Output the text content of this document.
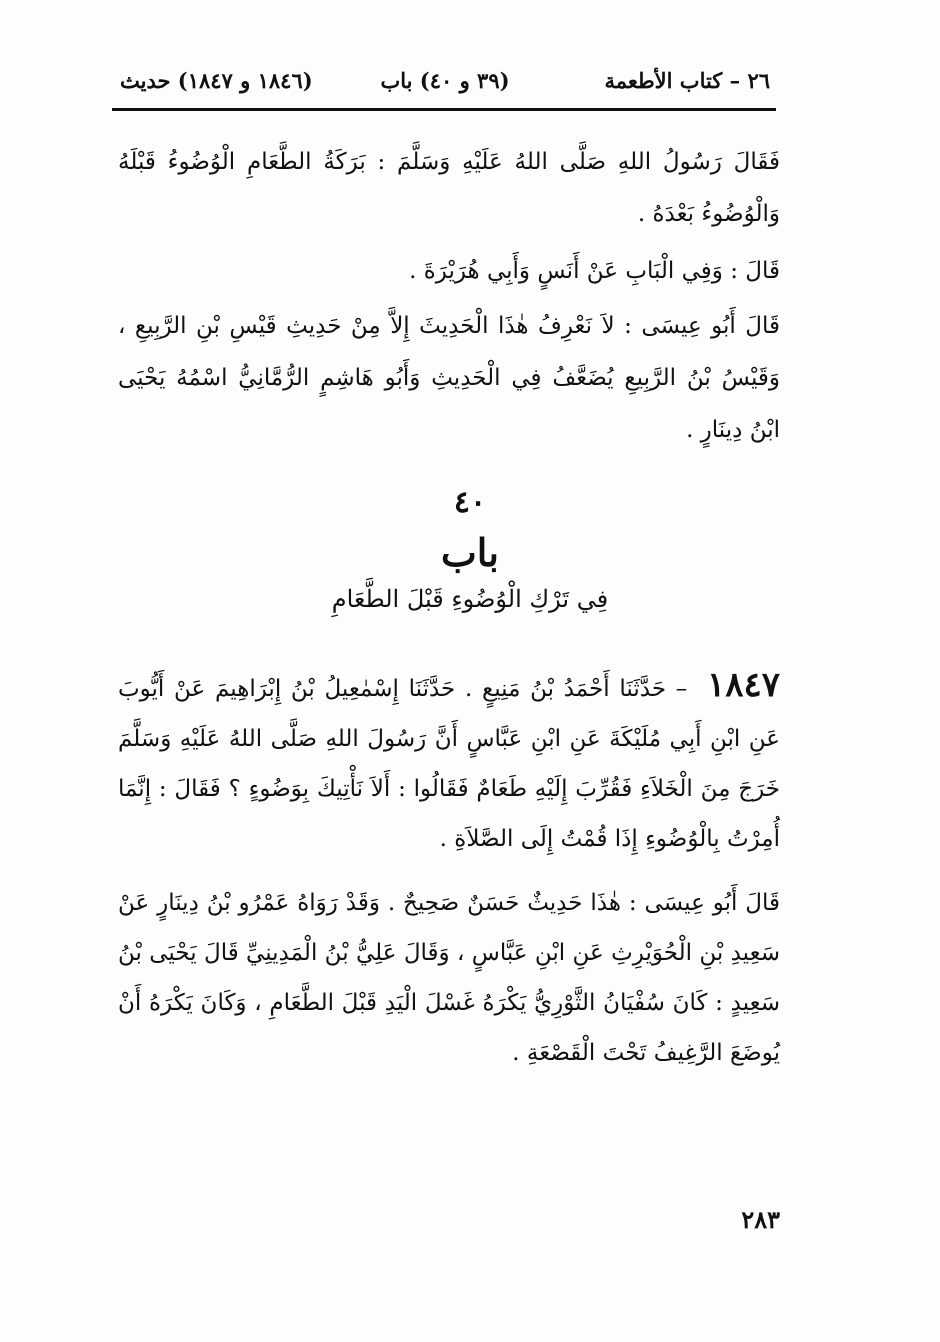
٢٦ – كتاب الأطعمة
(٣٩ و ٤٠) باب
(١٨٤٦ و ١٨٤٧) حديث
فَقَالَ رَسُولُ اللهِ صَلَّى اللهُ عَلَيْهِ وَسَلَّمَ : بَرَكَةُ الطَّعَامِ الْوُضُوءُ قَبْلَهُ وَالْوُضُوءُ بَعْدَهُ .
قَالَ : وَفِي الْبَابِ عَنْ أَنَسٍ وَأَبِي هُرَيْرَةَ .
قَالَ أَبُو عِيسَى : لاَ نَعْرِفُ هٰذَا الْحَدِيثَ إِلاَّ مِنْ حَدِيثِ قَيْسِ بْنِ الرَّبِيعِ ، وَقَيْسُ بْنُ الرَّبِيعِ يُضَعَّفُ فِي الْحَدِيثِ وَأَبُو هَاشِمٍ الرُّمَّانِيُّ اسْمُهُ يَحْيَى ابْنُ دِينَارٍ .
٤٠
باب
فِي تَرْكِ الْوُضُوءِ قَبْلَ الطَّعَامِ
١٨٤٧ – حَدَّثَنَا أَحْمَدُ بْنُ مَنِيعٍ . حَدَّثَنَا إِسْمٰعِيلُ بْنُ إِبْرَاهِيمَ عَنْ أَيُّوبَ عَنِ ابْنِ أَبِي مُلَيْكَةَ عَنِ ابْنِ عَبَّاسٍ أَنَّ رَسُولَ اللهِ صَلَّى اللهُ عَلَيْهِ وَسَلَّمَ خَرَجَ مِنَ الْخَلاَءِ فَقُرِّبَ إِلَيْهِ طَعَامٌ فَقَالُوا : أَلاَ نَأْتِيكَ بِوَضُوءٍ ؟ فَقَالَ : إِنَّمَا أُمِرْتُ بِالْوُضُوءِ إِذَا قُمْتُ إِلَى الصَّلاَةِ .
قَالَ أَبُو عِيسَى : هٰذَا حَدِيثٌ حَسَنٌ صَحِيحٌ . وَقَدْ رَوَاهُ عَمْرُو بْنُ دِينَارٍ عَنْ سَعِيدِ بْنِ الْحُوَيْرِثِ عَنِ ابْنِ عَبَّاسٍ ، وَقَالَ عَلِيُّ بْنُ الْمَدِينِيِّ قَالَ يَحْيَى بْنُ سَعِيدٍ : كَانَ سُفْيَانُ الثَّوْرِيُّ يَكْرَهُ غَسْلَ الْيَدِ قَبْلَ الطَّعَامِ ، وَكَانَ يَكْرَهُ أَنْ يُوضَعَ الرَّغِيفُ تَحْتَ الْقَصْعَةِ .
٢٨٣
